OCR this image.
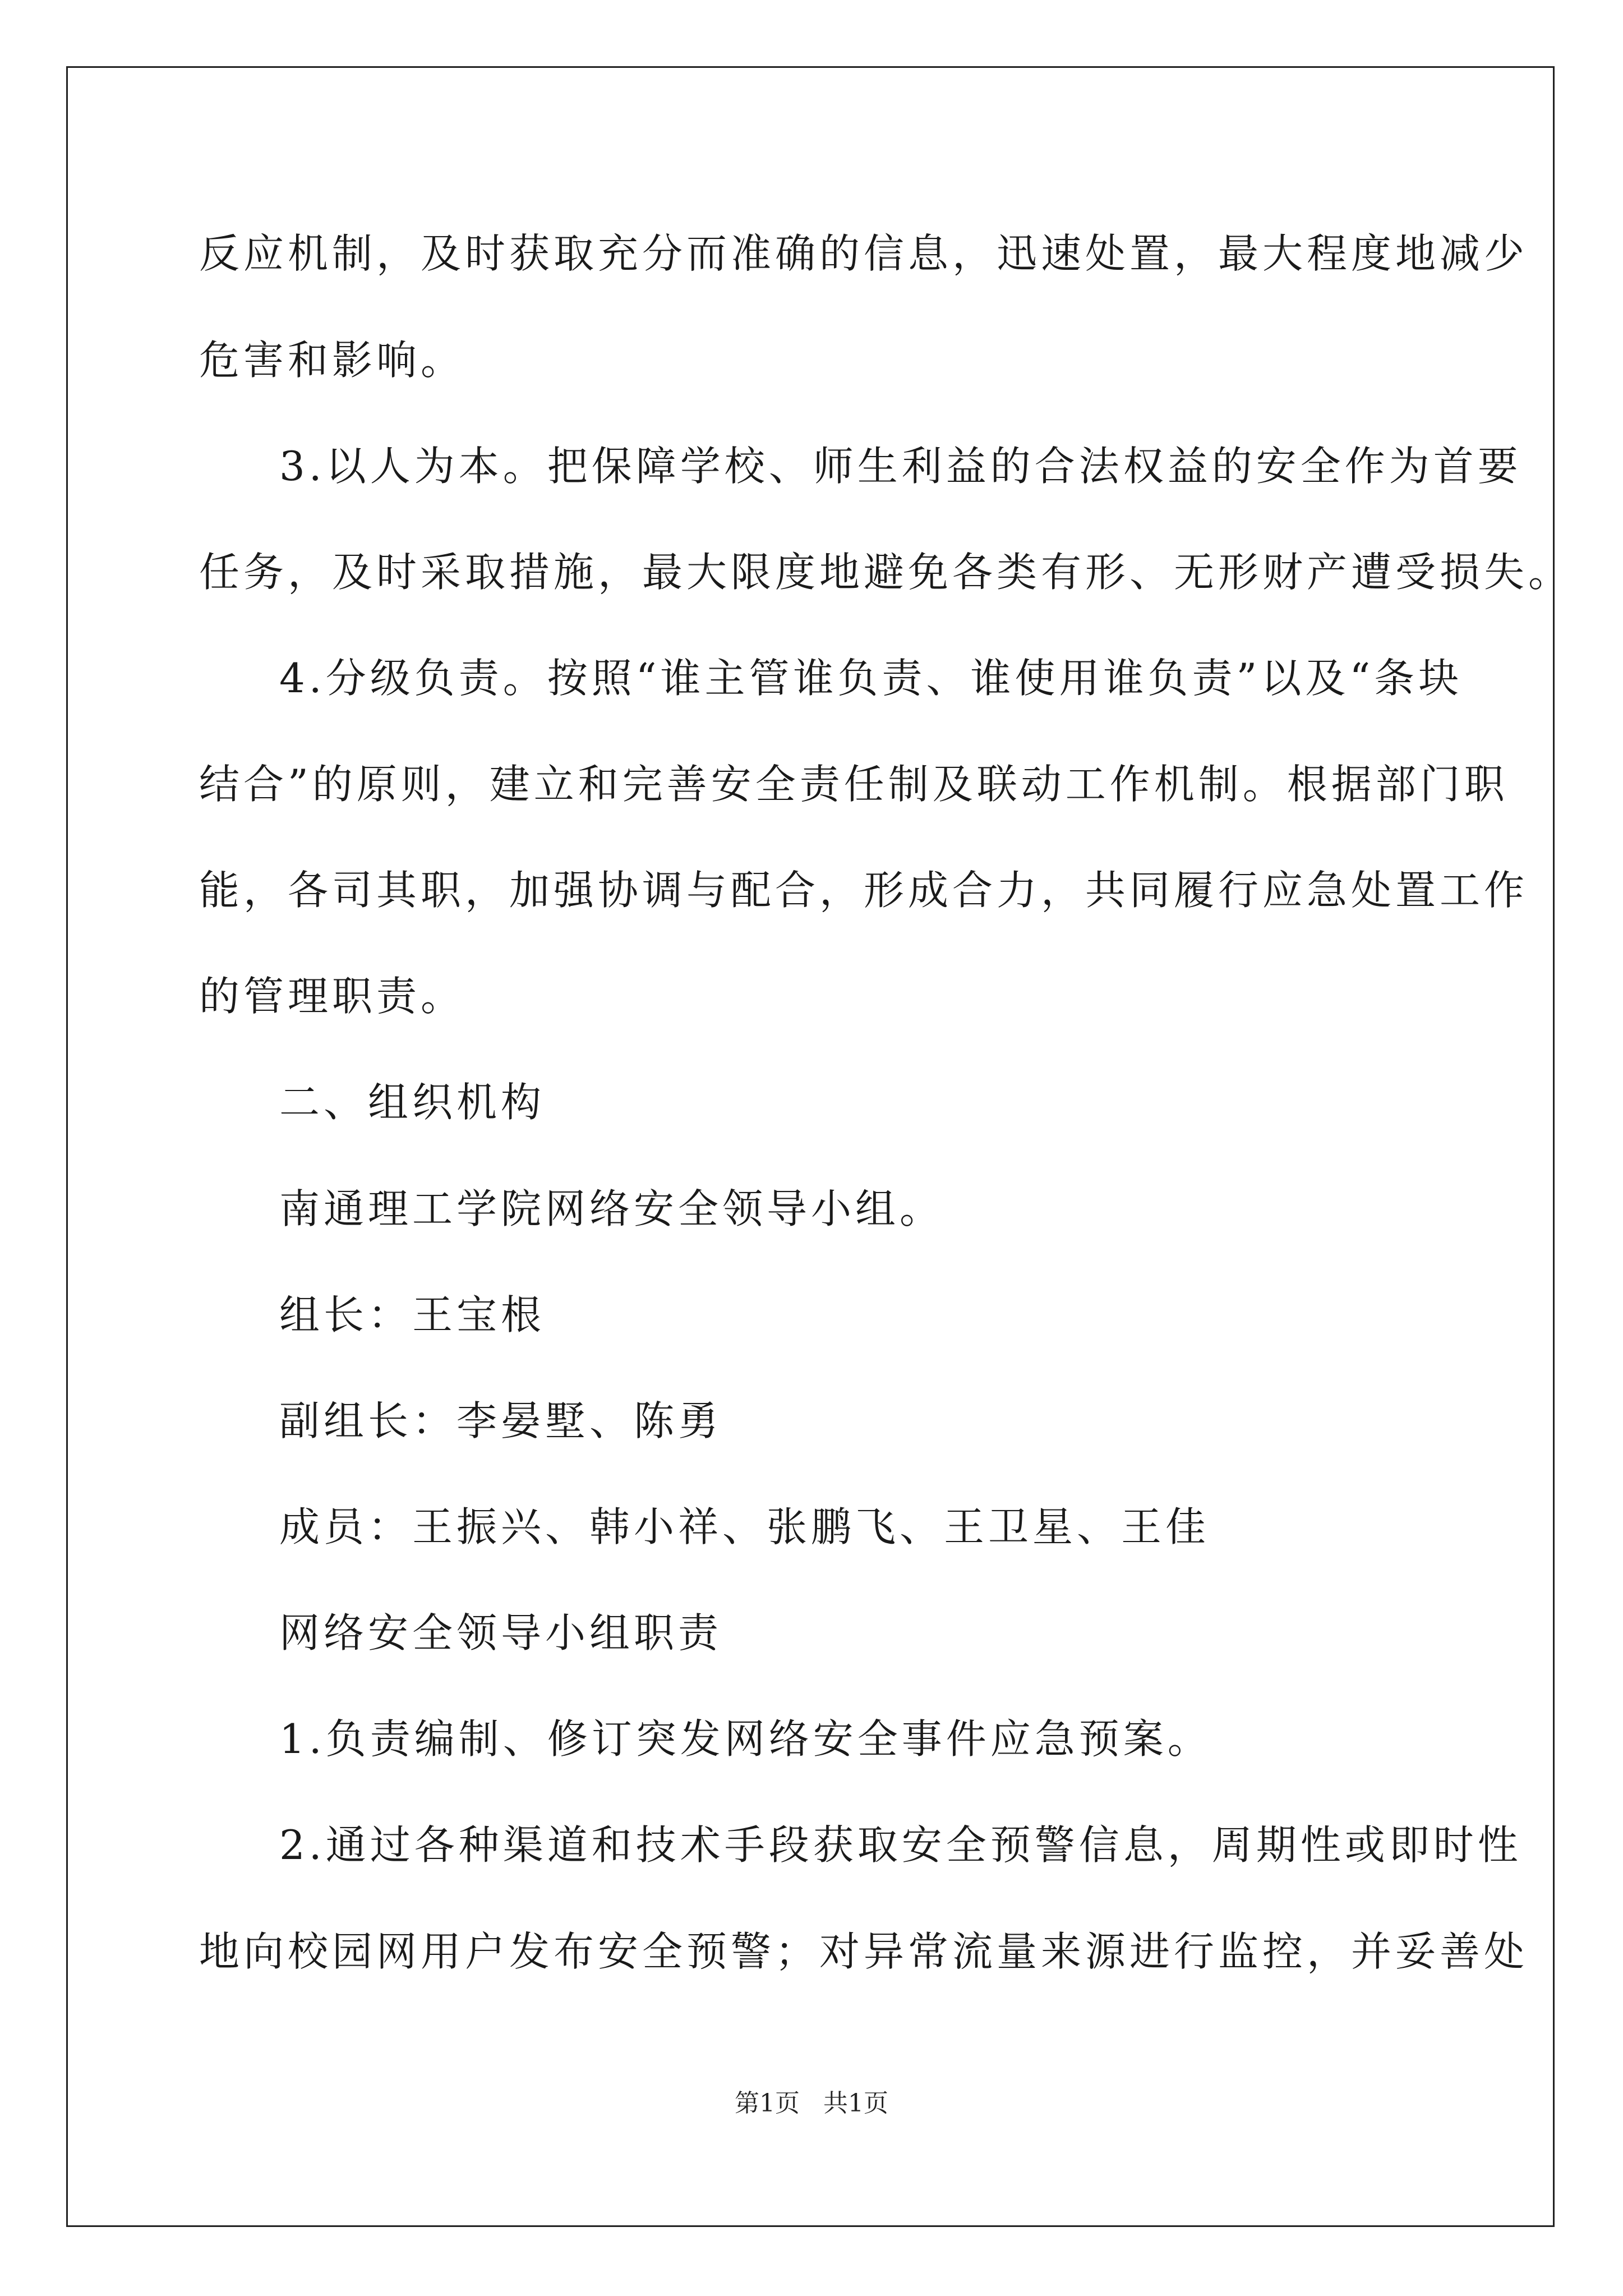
反应机制，及时获取充分而准确的信息，迅速处置，最大程度地减少
危害和影响。
3.以人为本。把保障学校、师生利益的合法权益的安全作为首要
任务，及时采取措施，最大限度地避免各类有形、无形财产遭受损失。
4.分级负责。按照“谁主管谁负责、谁使用谁负责”以及“条块
结合”的原则，建立和完善安全责任制及联动工作机制。根据部门职
能，各司其职，加强协调与配合，形成合力，共同履行应急处置工作
的管理职责。
二、组织机构
南通理工学院网络安全领导小组。
组长：王宝根
副组长：李晏墅、陈勇
成员：王振兴、韩小祥、张鹏飞、王卫星、王佳
网络安全领导小组职责
1.负责编制、修订突发网络安全事件应急预案。
2.通过各种渠道和技术手段获取安全预警信息，周期性或即时性
地向校园网用户发布安全预警；对异常流量来源进行监控，并妥善处
第1页   共1页
